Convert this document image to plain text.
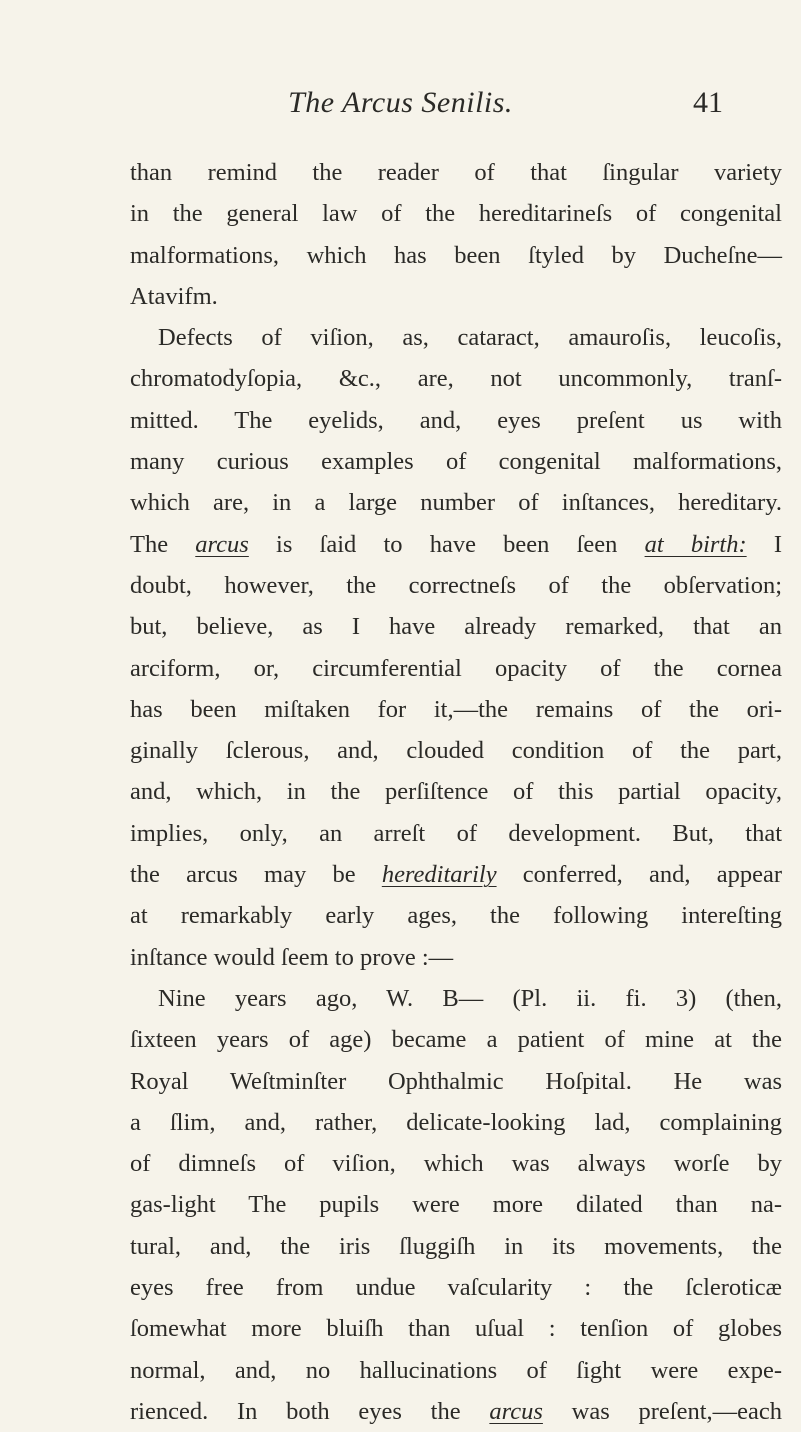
The Arcus Senilis.	41
than remind the reader of that ſingular variety
in the general law of the hereditarineſs of congenital
malformations, which has been ſtyled by Ducheſne—
Atavifm.
Defects of viſion, as, cataract, amauroſis, leucoſis,
chromatodyſopia, &c., are, not uncommonly, tranſ-
mitted. The eyelids, and, eyes preſent us with
many curious examples of congenital malformations,
which are, in a large number of inſtances, hereditary.
The arcus is ſaid to have been ſeen at birth: I
doubt, however, the correctneſs of the obſervation;
but, believe, as I have already remarked, that an
arciform, or, circumferential opacity of the cornea
has been miſtaken for it,—the remains of the ori-
ginally ſclerous, and, clouded condition of the part,
and, which, in the perſiſtence of this partial opacity,
implies, only, an arreſt of development. But, that
the arcus may be hereditarily conferred, and, appear
at remarkably early ages, the following intereſting
inſtance would ſeem to prove :—
Nine years ago, W. B— (Pl. ii. fi. 3) (then,
ſixteen years of age) became a patient of mine at the
Royal Weſtminſter Ophthalmic Hoſpital. He was
a ſlim, and, rather, delicate-looking lad, complaining
of dimneſs of viſion, which was always worſe by
gas-light The pupils were more dilated than na-
tural, and, the iris ſluggiſh in its movements, the
eyes free from undue vaſcularity : the ſcleroticæ
ſomewhat more bluiſh than uſual : tenſion of globes
normal, and, no hallucinations of ſight were expe-
rienced. In both eyes the arcus was preſent,—each
